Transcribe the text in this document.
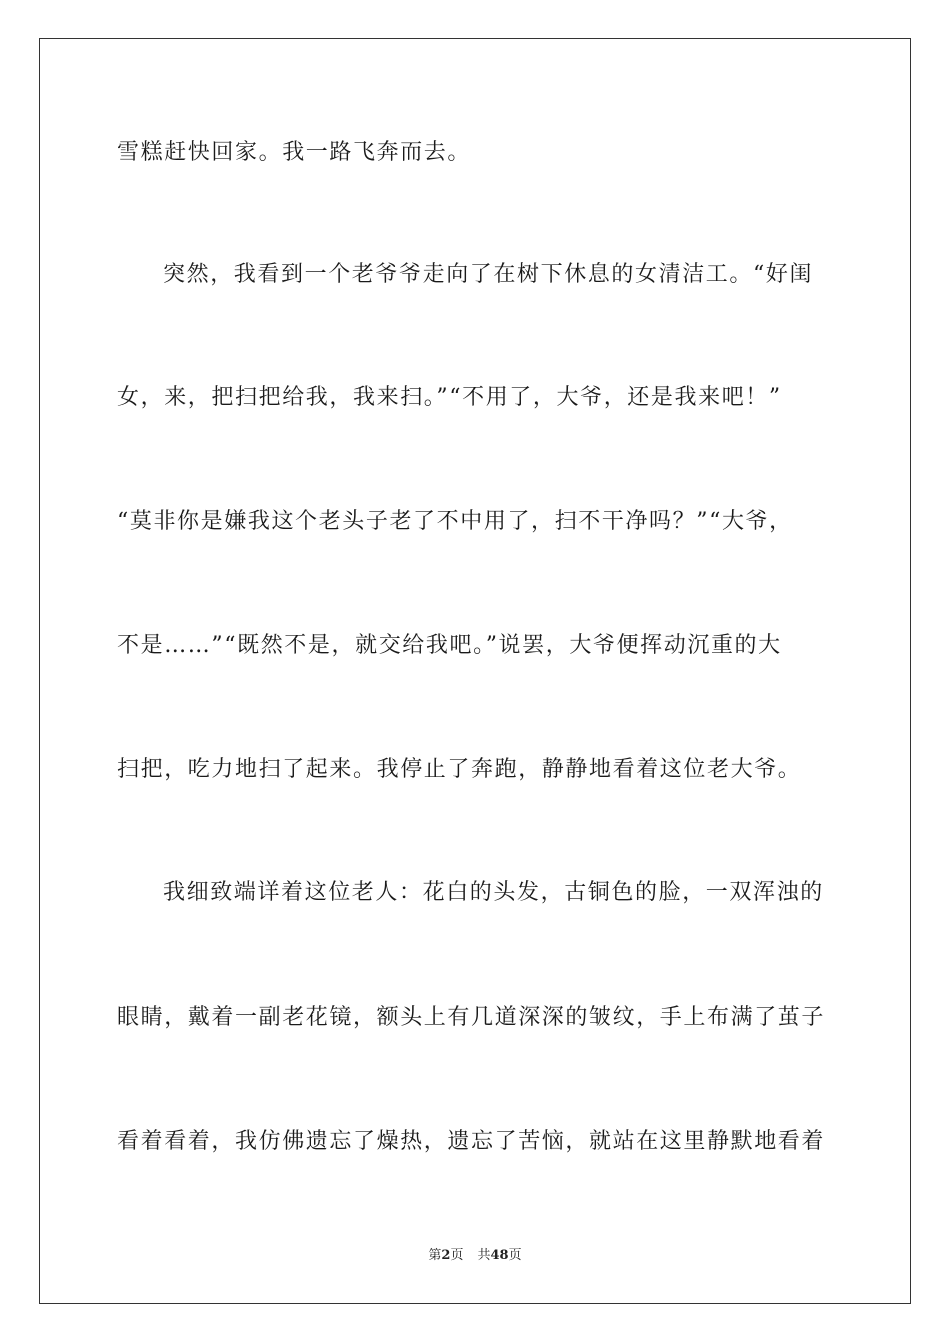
雪糕赶快回家。我一路飞奔而去。
突然，我看到一个老爷爷走向了在树下休息的女清洁工。“好闺
女，来，把扫把给我，我来扫。”“不用了，大爷，还是我来吧！”
“莫非你是嫌我这个老头子老了不中用了，扫不干净吗？”“大爷，
不是……”“既然不是，就交给我吧。”说罢，大爷便挥动沉重的大
扫把，吃力地扫了起来。我停止了奔跑，静静地看着这位老大爷。
我细致端详着这位老人：花白的头发，古铜色的脸，一双浑浊的
眼睛，戴着一副老花镜，额头上有几道深深的皱纹，手上布满了茧子
看着看着，我仿佛遗忘了燥热，遗忘了苦恼，就站在这里静默地看着
第2页 共48页
